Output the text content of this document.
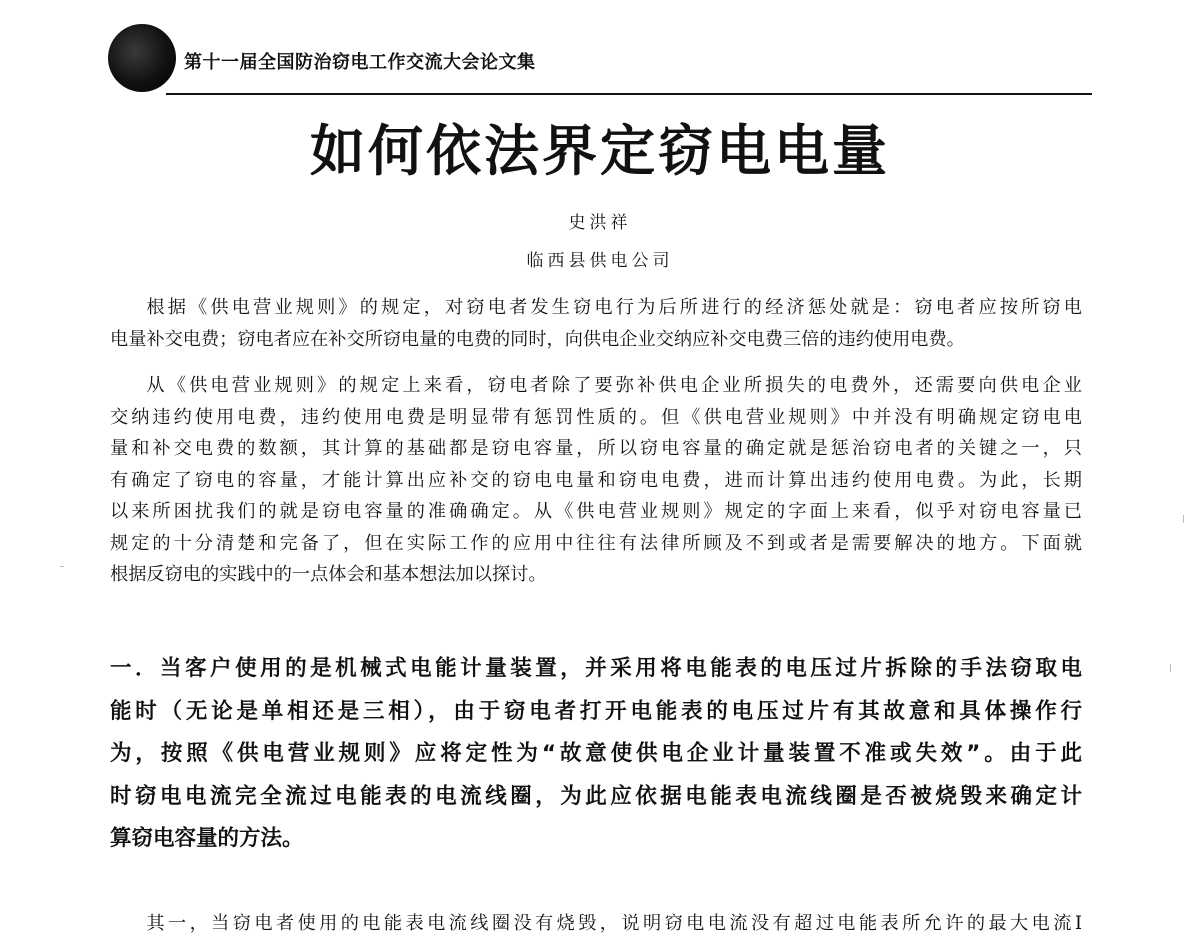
第十一届全国防治窃电工作交流大会论文集
如何依法界定窃电电量
史洪祥
临西县供电公司
根据《供电营业规则》的规定，对窃电者发生窃电行为后所进行的经济惩处就是：窃电者应按所窃电
电量补交电费；窃电者应在补交所窃电量的电费的同时，向供电企业交纳应补交电费三倍的违约使用电费。
从《供电营业规则》的规定上来看，窃电者除了要弥补供电企业所损失的电费外，还需要向供电企业
交纳违约使用电费，违约使用电费是明显带有惩罚性质的。但《供电营业规则》中并没有明确规定窃电电
量和补交电费的数额，其计算的基础都是窃电容量，所以窃电容量的确定就是惩治窃电者的关键之一，只
有确定了窃电的容量，才能计算出应补交的窃电电量和窃电电费，进而计算出违约使用电费。为此，长期
以来所困扰我们的就是窃电容量的准确确定。从《供电营业规则》规定的字面上来看，似乎对窃电容量已
规定的十分清楚和完备了，但在实际工作的应用中往往有法律所顾及不到或者是需要解决的地方。下面就
根据反窃电的实践中的一点体会和基本想法加以探讨。
一．当客户使用的是机械式电能计量装置，并采用将电能表的电压过片拆除的手法窃取电
能时（无论是单相还是三相），由于窃电者打开电能表的电压过片有其故意和具体操作行
为，按照《供电营业规则》应将定性为“故意使供电企业计量装置不准或失效”。由于此
时窃电电流完全流过电能表的电流线圈，为此应依据电能表电流线圈是否被烧毁来确定计
算窃电容量的方法。
其一，当窃电者使用的电能表电流线圈没有烧毁，说明窃电电流没有超过电能表所允许的最大电流I
